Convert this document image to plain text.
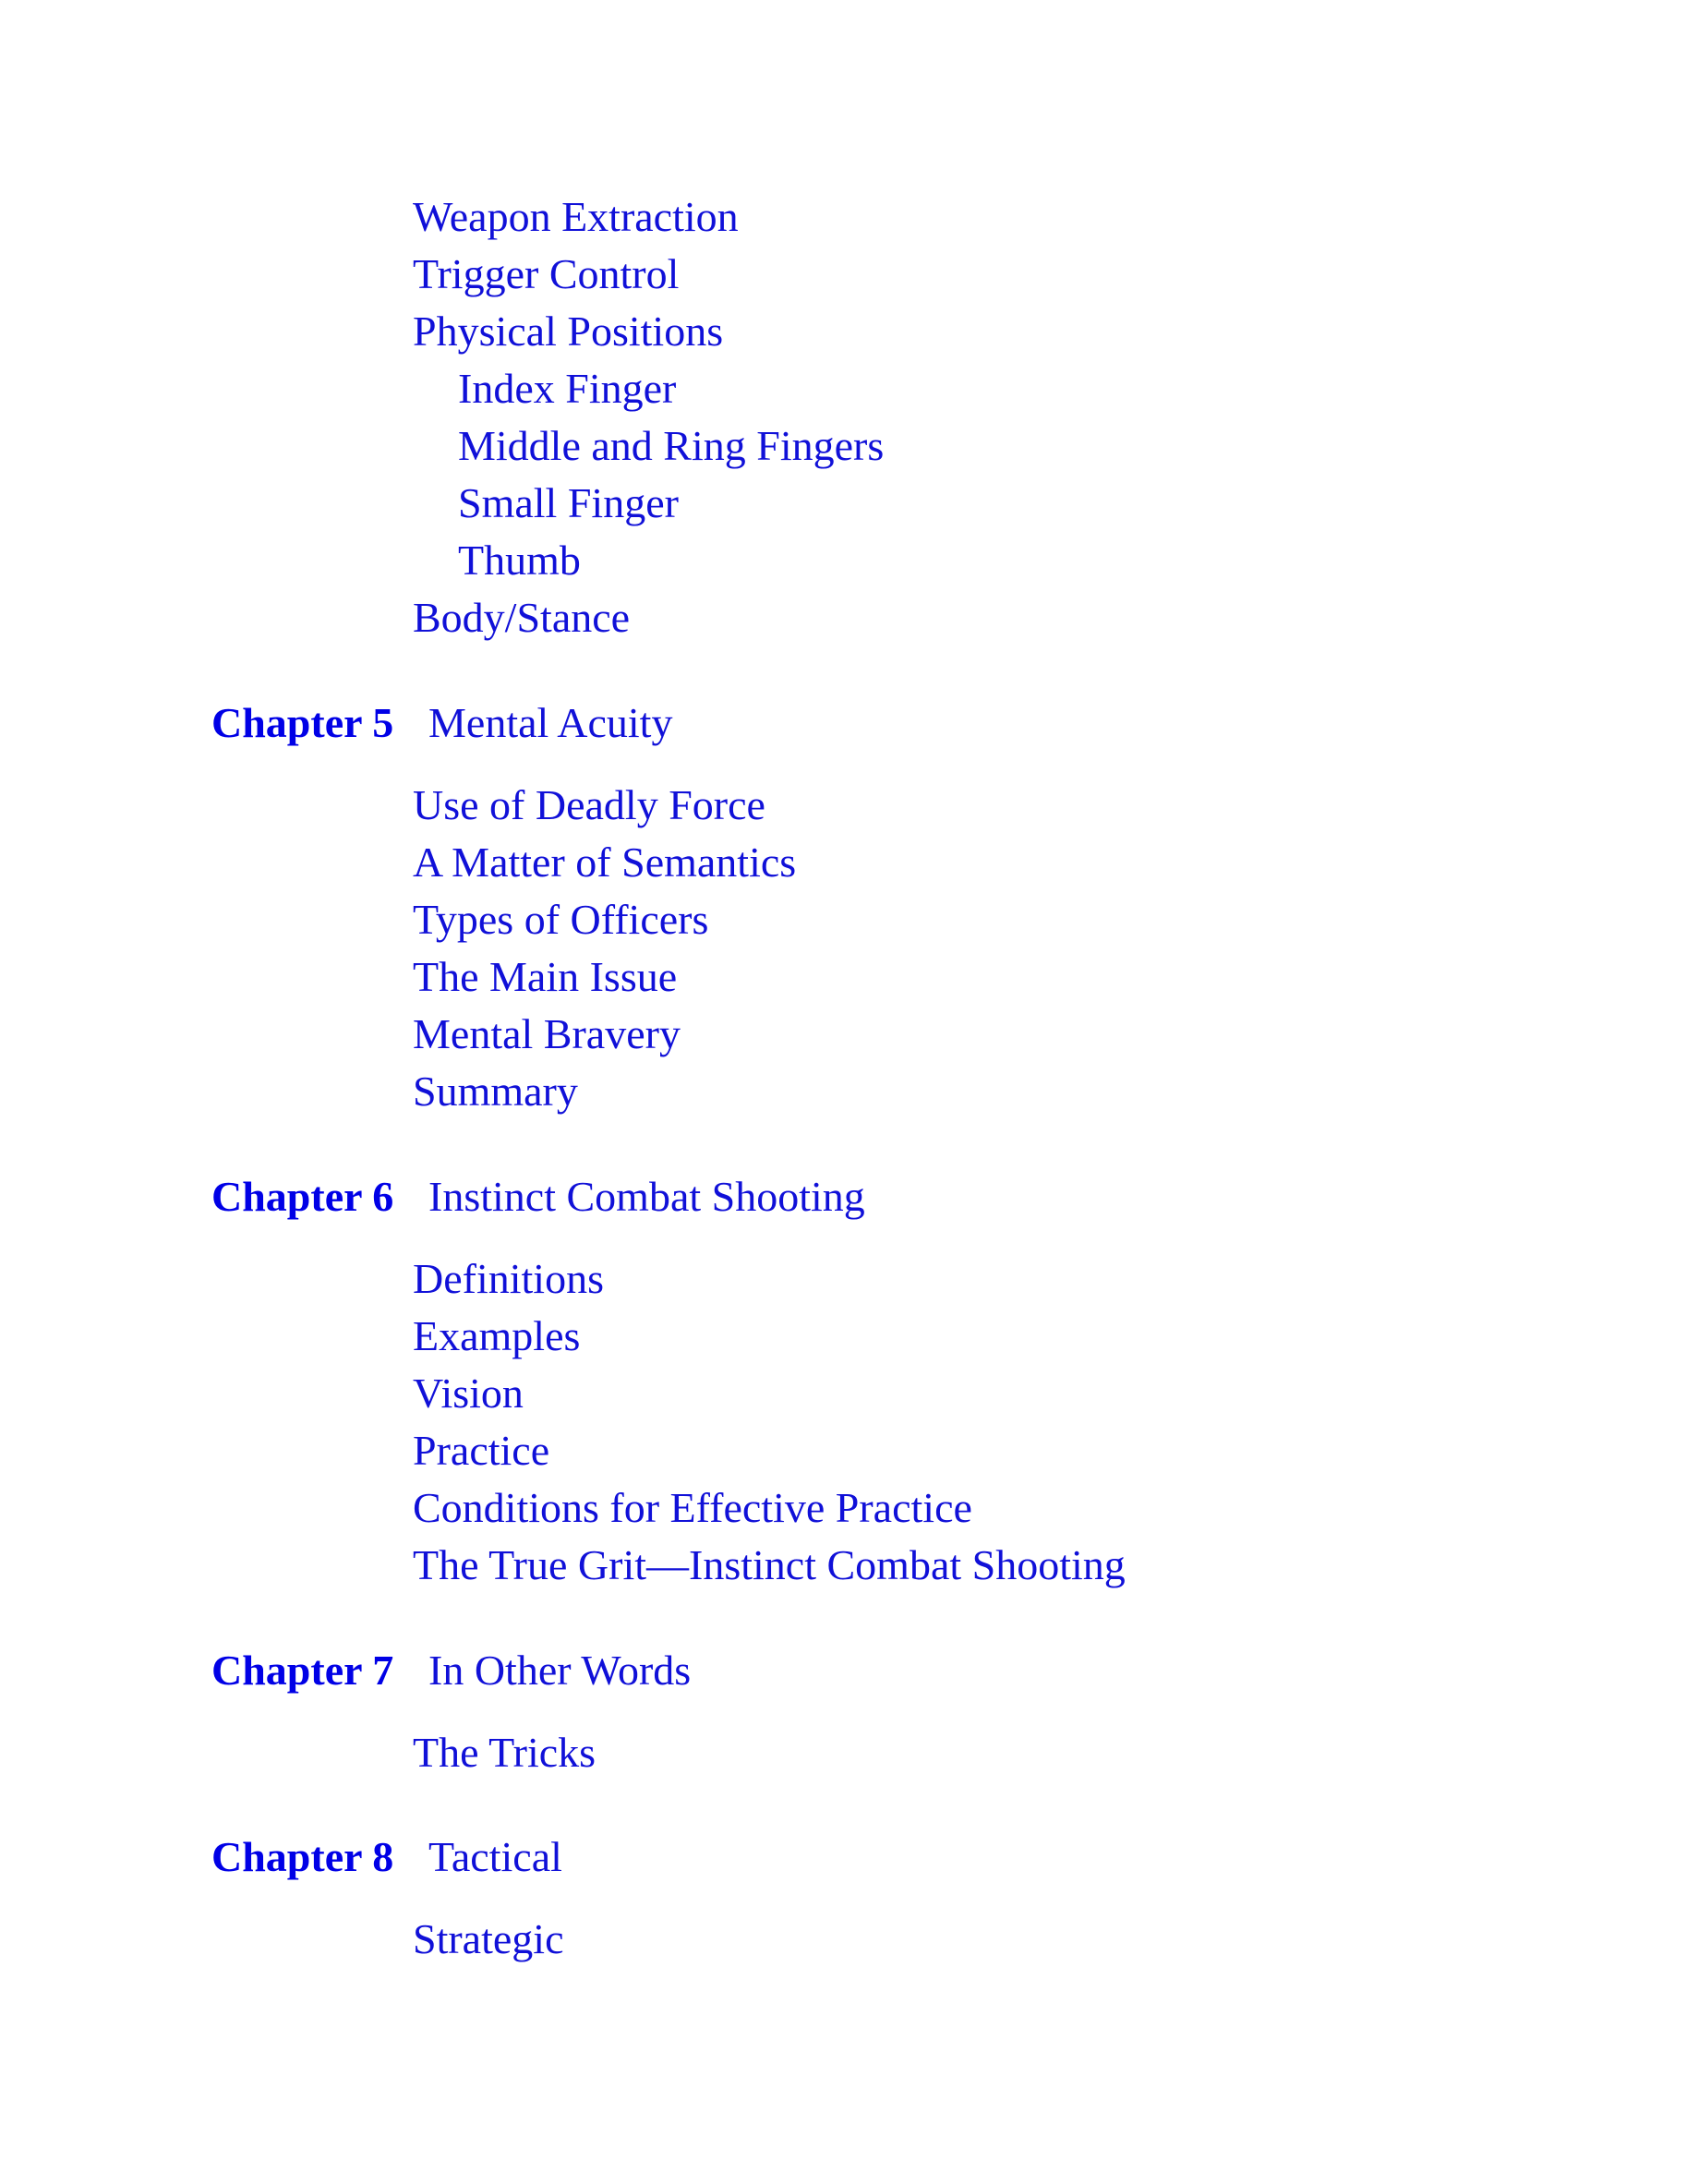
Weapon Extraction
Trigger Control
Physical Positions
Index Finger
Middle and Ring Fingers
Small Finger
Thumb
Body/Stance
Chapter 5 Mental Acuity
Use of Deadly Force
A Matter of Semantics
Types of Officers
The Main Issue
Mental Bravery
Summary
Chapter 6 Instinct Combat Shooting
Definitions
Examples
Vision
Practice
Conditions for Effective Practice
The True Grit—Instinct Combat Shooting
Chapter 7 In Other Words
The Tricks
Chapter 8 Tactical
Strategic
